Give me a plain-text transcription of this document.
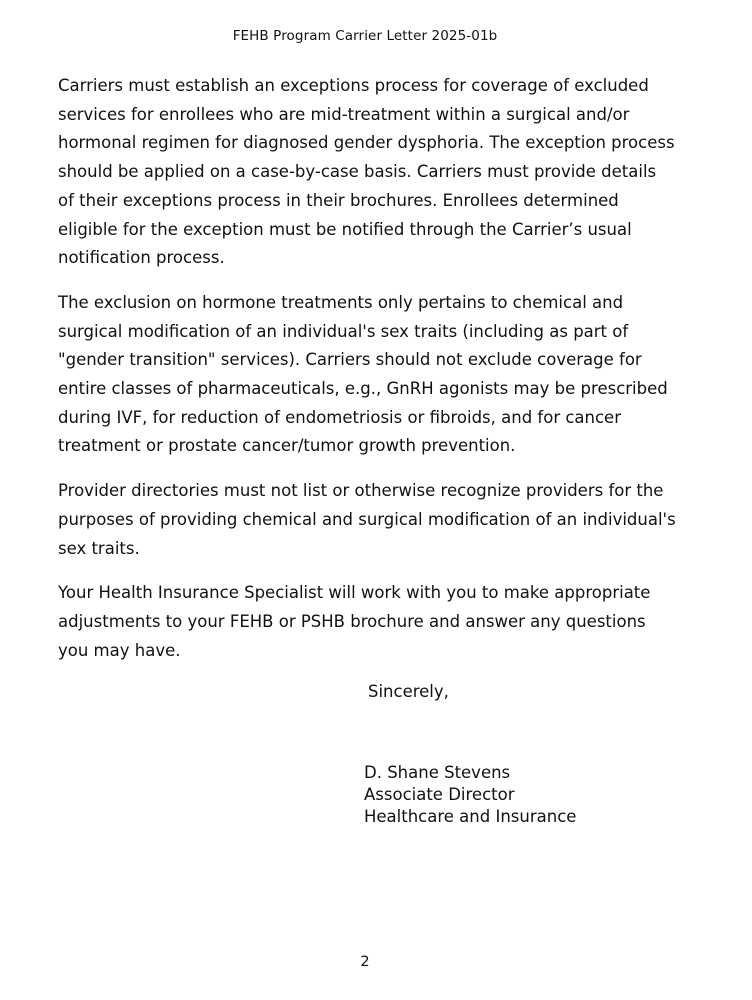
FEHB Program Carrier Letter 2025-01b

Carriers must establish an exceptions process for coverage of excluded services for enrollees who are mid-treatment within a surgical and/or hormonal regimen for diagnosed gender dysphoria. The exception process should be applied on a case-by-case basis. Carriers must provide details of their exceptions process in their brochures. Enrollees determined eligible for the exception must be notified through the Carrier’s usual notification process.

The exclusion on hormone treatments only pertains to chemical and surgical modification of an individual's sex traits (including as part of "gender transition" services). Carriers should not exclude coverage for entire classes of pharmaceuticals, e.g., GnRH agonists may be prescribed during IVF, for reduction of endometriosis or fibroids, and for cancer treatment or prostate cancer/tumor growth prevention.

Provider directories must not list or otherwise recognize providers for the purposes of providing chemical and surgical modification of an individual's sex traits.

Your Health Insurance Specialist will work with you to make appropriate adjustments to your FEHB or PSHB brochure and answer any questions you may have.

Sincerely,
D. Shane Stevens
Associate Director
Healthcare and Insurance
2
